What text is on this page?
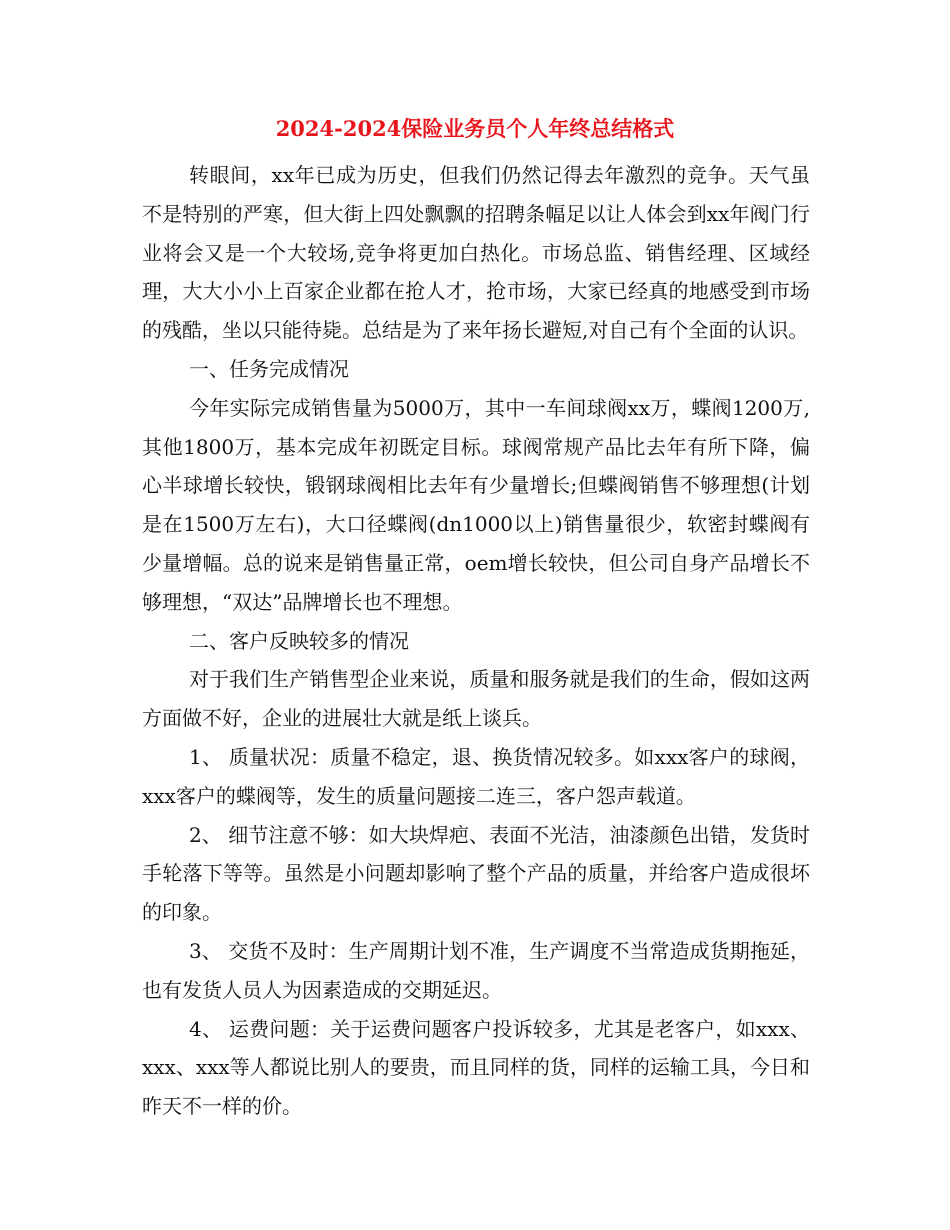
2024-2024保险业务员个人年终总结格式

转眼间，xx年已成为历史，但我们仍然记得去年激烈的竞争。天气虽不是特别的严寒，但大街上四处飘飘的招聘条幅足以让人体会到xx年阀门行业将会又是一个大较场,竞争将更加白热化。市场总监、销售经理、区域经理，大大小小上百家企业都在抢人才，抢市场，大家已经真的地感受到市场的残酷，坐以只能待毙。总结是为了来年扬长避短,对自己有个全面的认识。

一、任务完成情况

今年实际完成销售量为5000万，其中一车间球阀xx万，蝶阀1200万,其他1800万，基本完成年初既定目标。球阀常规产品比去年有所下降，偏心半球增长较快，锻钢球阀相比去年有少量增长;但蝶阀销售不够理想(计划是在1500万左右)，大口径蝶阀(dn1000以上)销售量很少，软密封蝶阀有少量增幅。总的说来是销售量正常，oem增长较快，但公司自身产品增长不够理想，“双达”品牌增长也不理想。

二、客户反映较多的情况

对于我们生产销售型企业来说，质量和服务就是我们的生命，假如这两方面做不好，企业的进展壮大就是纸上谈兵。

1、 质量状况：质量不稳定，退、换货情况较多。如xxx客户的球阀，xxx客户的蝶阀等，发生的质量问题接二连三，客户怨声载道。

2、 细节注意不够：如大块焊疤、表面不光洁，油漆颜色出错，发货时手轮落下等等。虽然是小问题却影响了整个产品的质量，并给客户造成很坏的印象。

3、 交货不及时：生产周期计划不准，生产调度不当常造成货期拖延，也有发货人员人为因素造成的交期延迟。

4、 运费问题：关于运费问题客户投诉较多，尤其是老客户，如xxx、xxx、xxx等人都说比别人的要贵，而且同样的货，同样的运输工具，今日和昨天不一样的价。
